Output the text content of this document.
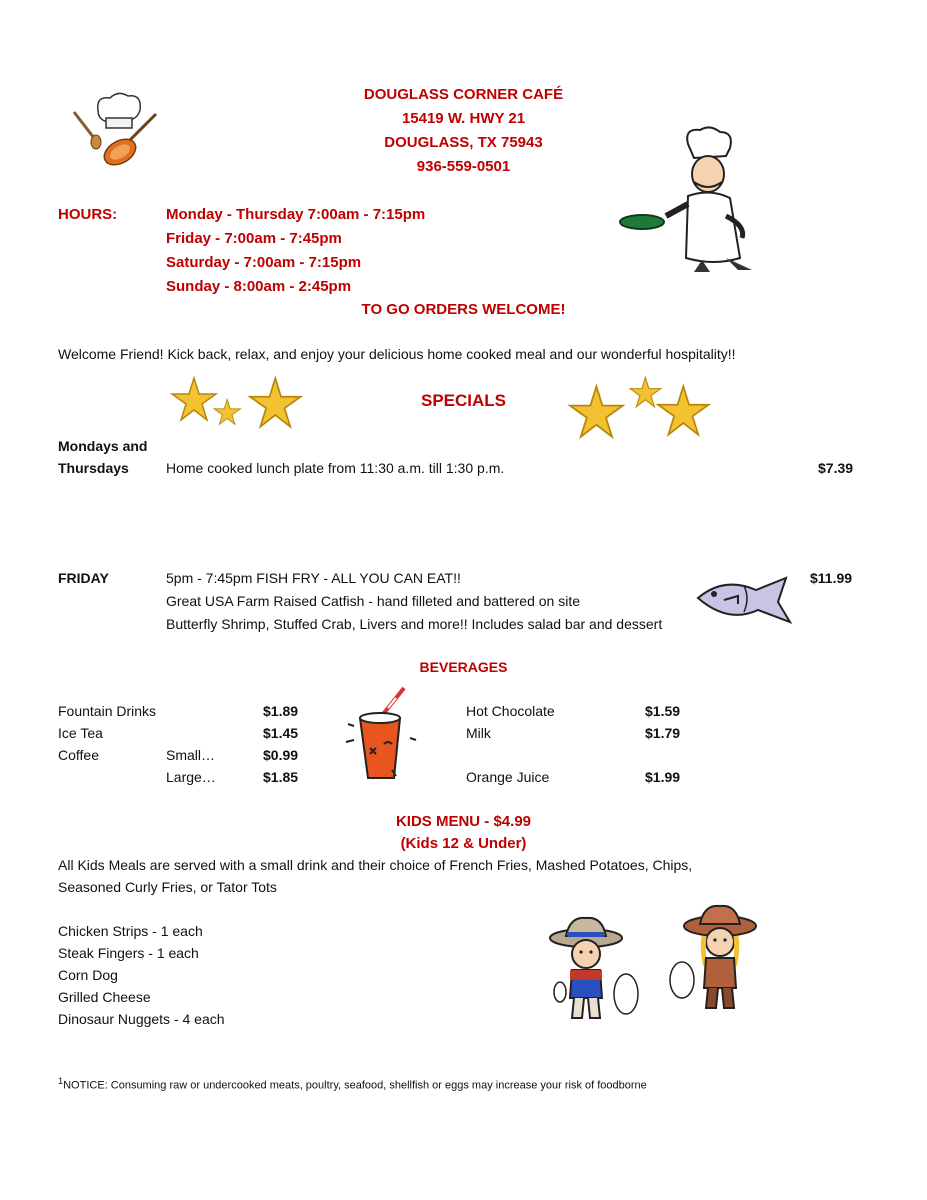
DOUGLASS CORNER CAFÉ
15419 W. HWY 21
DOUGLASS, TX 75943
936-559-0501
HOURS:	Monday - Thursday 7:00am - 7:15pm
Friday - 7:00am - 7:45pm
Saturday - 7:00am - 7:15pm
Sunday - 8:00am - 2:45pm
TO GO ORDERS WELCOME!
Welcome Friend! Kick back, relax, and enjoy your delicious home cooked meal and our wonderful hospitality!!
SPECIALS
Mondays and
Thursdays	Home cooked lunch plate from 11:30 a.m. till 1:30 p.m.	$7.39
FRIDAY	5pm - 7:45pm FISH FRY - ALL YOU CAN EAT!!
Great USA Farm Raised Catfish - hand filleted and battered on site
Butterfly Shrimp, Stuffed Crab, Livers and more!! Includes salad bar and dessert
$11.99
BEVERAGES
Fountain Drinks	$1.89
Ice Tea	$1.45
Coffee	Small…	$0.99
Large…	$1.85
Hot Chocolate	$1.59
Milk	$1.79
Orange Juice	$1.99
KIDS MENU - $4.99
(Kids 12 & Under)
All Kids Meals are served with a small drink and their choice of French Fries, Mashed Potatoes, Chips,
Seasoned Curly Fries, or Tator Tots
Chicken Strips - 1 each
Steak Fingers - 1 each
Corn Dog
Grilled Cheese
Dinosaur Nuggets - 4 each
$^1$NOTICE: Consuming raw or undercooked meats, poultry, seafood, shellfish or eggs may increase your risk of foodborne
